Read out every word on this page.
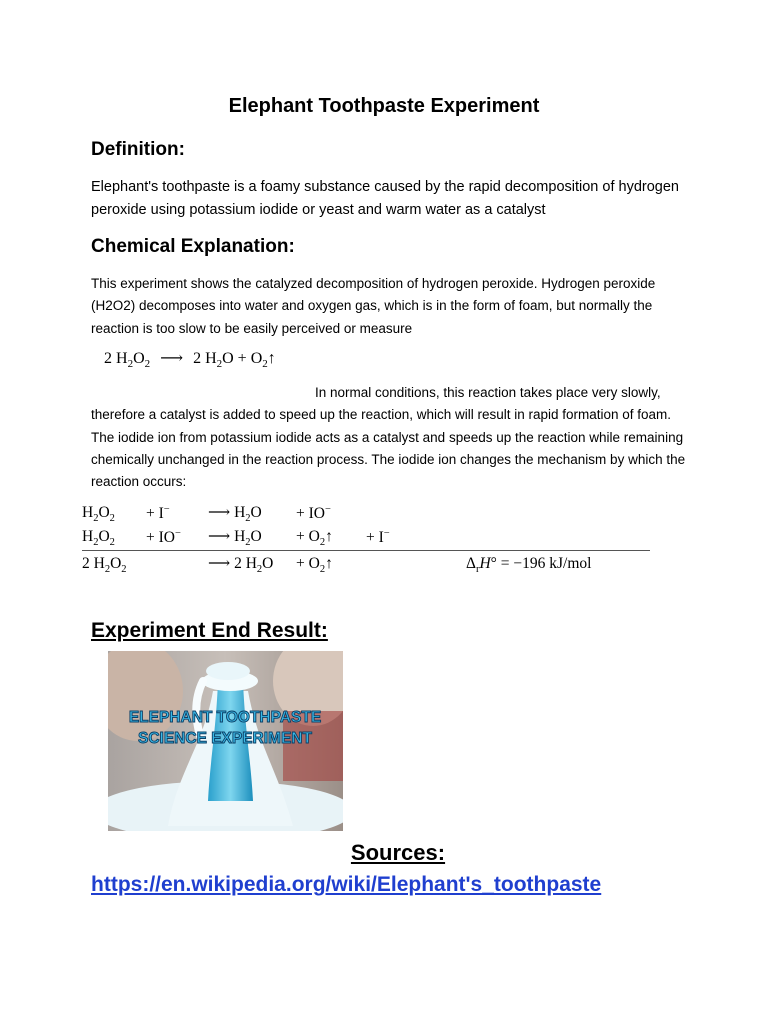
Elephant Toothpaste Experiment
Definition:
Elephant's toothpaste is a foamy substance caused by the rapid decomposition of hydrogen peroxide using potassium iodide or yeast and warm water as a catalyst
Chemical Explanation:
This experiment shows the catalyzed decomposition of hydrogen peroxide. Hydrogen peroxide (H2O2) decomposes into water and oxygen gas, which is in the form of foam, but normally the reaction is too slow to be easily perceived or measure
2 $H_2O_2$ ⟶ 2 $H_2O$ + $O_2↑$
In normal conditions, this reaction takes place very slowly, therefore a catalyst is added to speed up the reaction, which will result in rapid formation of foam. The iodide ion from potassium iodide acts as a catalyst and speeds up the reaction while remaining chemically unchanged in the reaction process. The iodide ion changes the mechanism by which the reaction occurs:
$H_2O_2$	+ I−	⟶ $H_2O$	+ IO−		
$H_2O_2$	+ IO−	⟶ $H_2O$	+ $O_2↑$	+ I−	
2 $H_2O_2$		⟶ 2 $H_2O$	+ $O_2↑$		$\Delta_rH^\circ = -196$ kJ/mol
Experiment End Result:
ELEPHANT TOOTHPASTE
SCIENCE EXPERIMENT
Sources:
https://en.wikipedia.org/wiki/Elephant's_toothpaste
